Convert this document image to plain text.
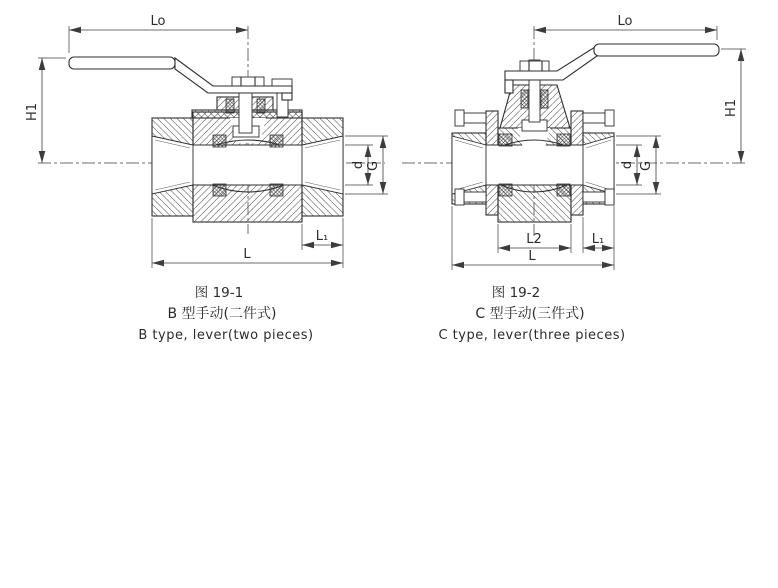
Lo
H1
d G
L₁
L
图 19-1
B 型手动(二件式)
B type, lever(two pieces)
Lo
H1
d G
L2	L₁
L
图 19-2
C 型手动(三件式)
C type, lever(three pieces)
